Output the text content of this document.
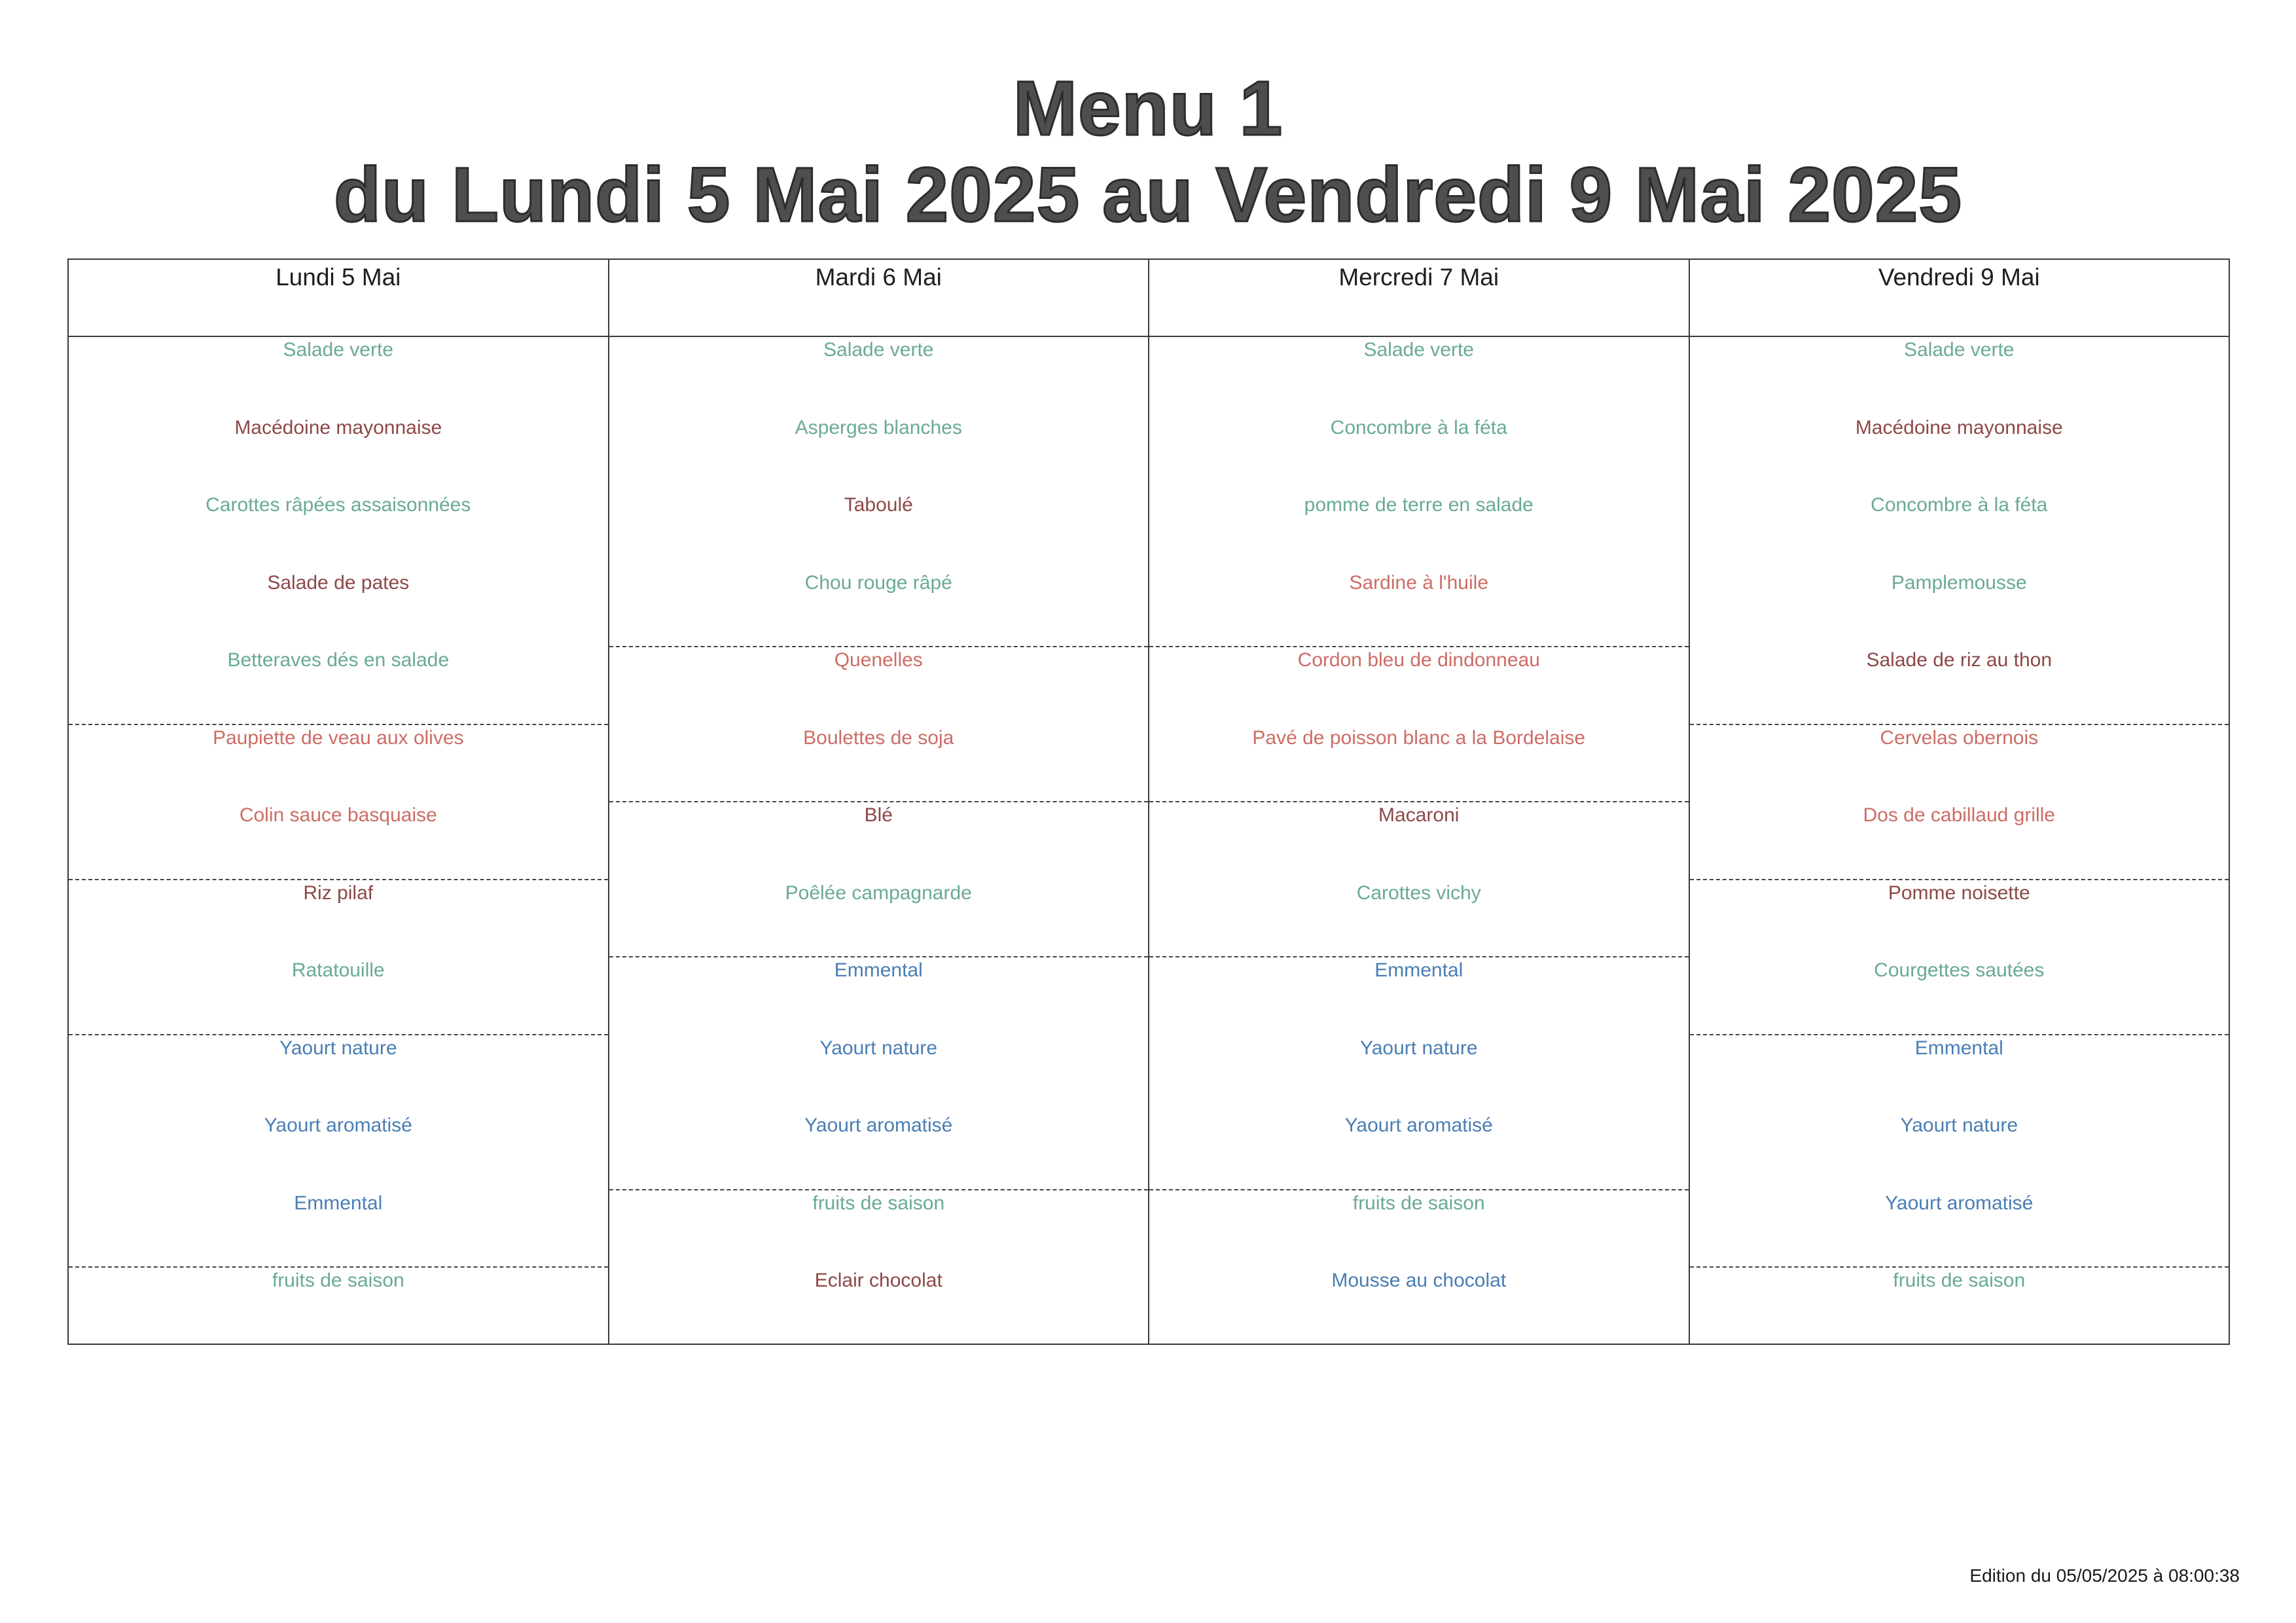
Menu 1
du Lundi 5 Mai 2025 au Vendredi 9 Mai 2025
Lundi 5 Mai
Salade verte
Macédoine mayonnaise
Carottes râpées assaisonnées
Salade de pates
Betteraves dés en salade
Paupiette de veau aux olives
Colin sauce basquaise
Riz pilaf
Ratatouille
Yaourt nature
Yaourt aromatisé
Emmental
fruits de saison
Mardi 6 Mai
Salade verte
Asperges blanches
Taboulé
Chou rouge râpé
Quenelles
Boulettes de soja
Blé
Poêlée campagnarde
Emmental
Yaourt nature
Yaourt aromatisé
fruits de saison
Eclair chocolat
Mercredi 7 Mai
Salade verte
Concombre à la féta
pomme de terre en salade
Sardine à l'huile
Cordon bleu de dindonneau
Pavé de poisson blanc a la Bordelaise
Macaroni
Carottes vichy
Emmental
Yaourt nature
Yaourt aromatisé
fruits de saison
Mousse au chocolat
Vendredi 9 Mai
Salade verte
Macédoine mayonnaise
Concombre à la féta
Pamplemousse
Salade de riz au thon
Cervelas obernois
Dos de cabillaud grille
Pomme noisette
Courgettes sautées
Emmental
Yaourt nature
Yaourt aromatisé
fruits de saison
Edition du 05/05/2025 à 08:00:38
